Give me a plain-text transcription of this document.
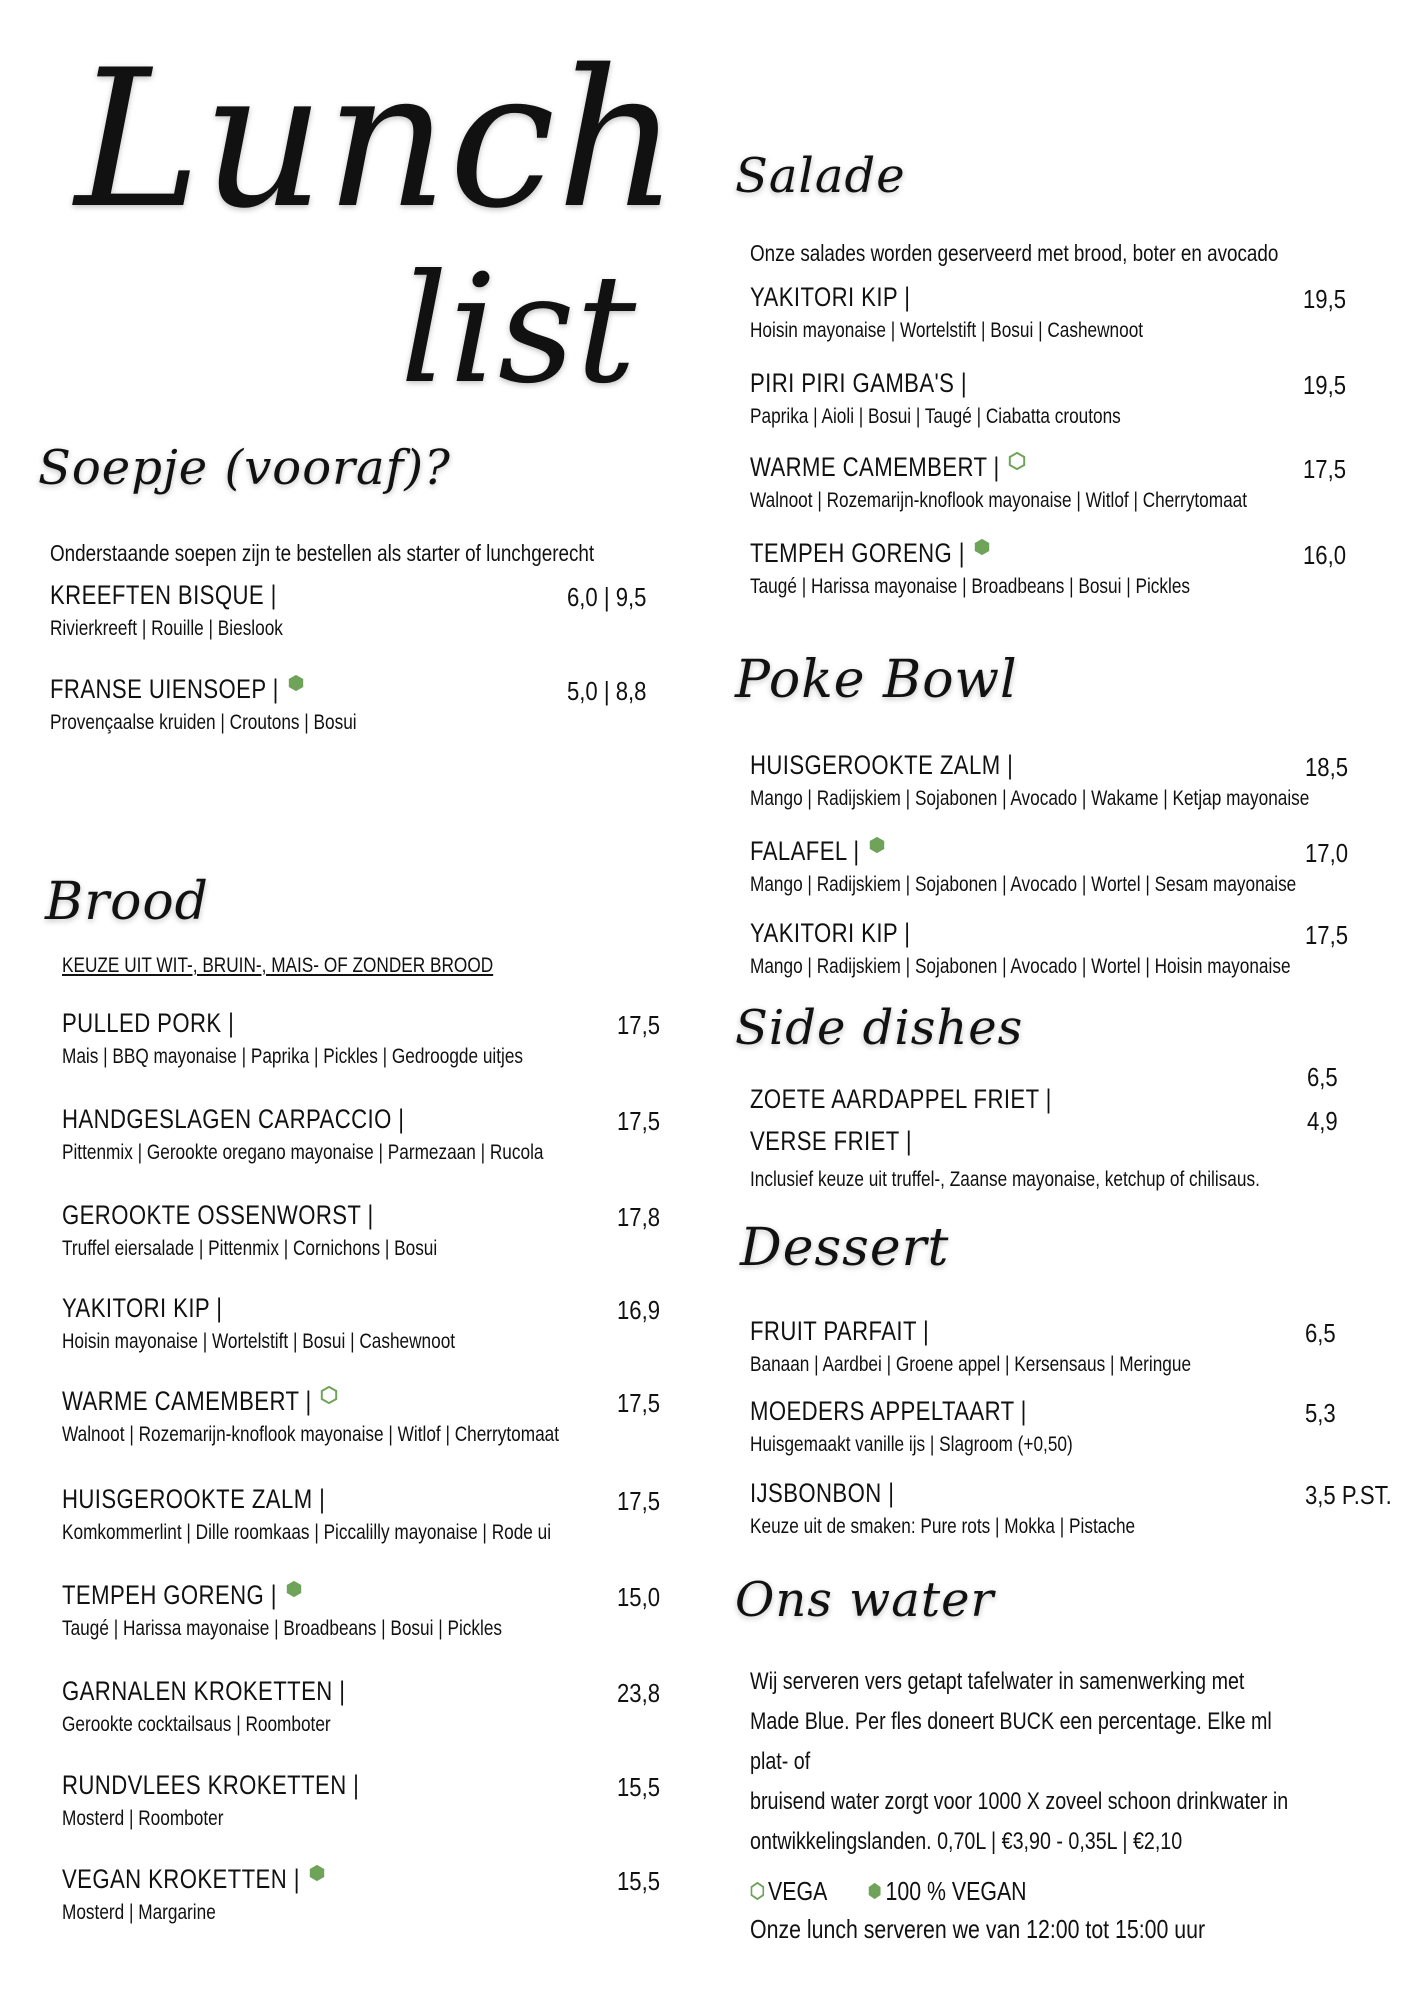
Lunch
list
Soepje (vooraf)?
Onderstaande soepen zijn te bestellen als starter of lunchgerecht
KREEFTEN BISQUE |
Rivierkreeft | Rouille | Bieslook
6,0 | 9,5
FRANSE UIENSOEP |
Provençaalse kruiden | Croutons | Bosui
5,0 | 8,8
Brood
KEUZE UIT WIT-, BRUIN-, MAIS- OF ZONDER BROOD
PULLED PORK |
Mais | BBQ mayonaise | Paprika | Pickles | Gedroogde uitjes
17,5
HANDGESLAGEN CARPACCIO |
Pittenmix | Gerookte oregano mayonaise | Parmezaan | Rucola
17,5
GEROOKTE OSSENWORST |
Truffel eiersalade | Pittenmix | Cornichons | Bosui
17,8
YAKITORI KIP |
Hoisin mayonaise | Wortelstift | Bosui | Cashewnoot
16,9
WARME CAMEMBERT |
Walnoot | Rozemarijn-knoflook mayonaise | Witlof | Cherrytomaat
17,5
HUISGEROOKTE ZALM |
Komkommerlint | Dille roomkaas | Piccalilly mayonaise | Rode ui
17,5
TEMPEH GORENG |
Taugé | Harissa mayonaise | Broadbeans | Bosui | Pickles
15,0
GARNALEN KROKETTEN |
Gerookte cocktailsaus | Roomboter
23,8
RUNDVLEES KROKETTEN |
Mosterd | Roomboter
15,5
VEGAN KROKETTEN |
Mosterd | Margarine
15,5
Salade
Onze salades worden geserveerd met brood, boter en avocado
YAKITORI KIP |
Hoisin mayonaise | Wortelstift | Bosui | Cashewnoot
19,5
PIRI PIRI GAMBA'S |
Paprika | Aioli | Bosui | Taugé | Ciabatta croutons
19,5
WARME CAMEMBERT |
Walnoot | Rozemarijn-knoflook mayonaise | Witlof | Cherrytomaat
17,5
TEMPEH GORENG |
Taugé | Harissa mayonaise | Broadbeans | Bosui | Pickles
16,0
Poke Bowl
HUISGEROOKTE ZALM |
Mango | Radijskiem | Sojabonen | Avocado | Wakame | Ketjap mayonaise
18,5
FALAFEL |
Mango | Radijskiem | Sojabonen | Avocado | Wortel | Sesam mayonaise
17,0
YAKITORI KIP |
Mango | Radijskiem | Sojabonen | Avocado | Wortel | Hoisin mayonaise
17,5
Side dishes
ZOETE AARDAPPEL FRIET |
6,5
VERSE FRIET |
4,9
Inclusief keuze uit truffel-, Zaanse mayonaise, ketchup of chilisaus.
Dessert
FRUIT PARFAIT |
Banaan | Aardbei | Groene appel | Kersensaus | Meringue
6,5
MOEDERS APPELTAART |
Huisgemaakt vanille ijs | Slagroom (+0,50)
5,3
IJSBONBON |
Keuze uit de smaken: Pure rots | Mokka | Pistache
3,5 P.ST.
Ons water
Wij serveren vers getapt tafelwater in samenwerking met
Made Blue. Per fles doneert BUCK een percentage. Elke ml plat- of
bruisend water zorgt voor 1000 X zoveel schoon drinkwater in
ontwikkelingslanden. 0,70L | €3,90 - 0,35L | €2,10
VEGA 100 % VEGAN
Onze lunch serveren we van 12:00 tot 15:00 uur
